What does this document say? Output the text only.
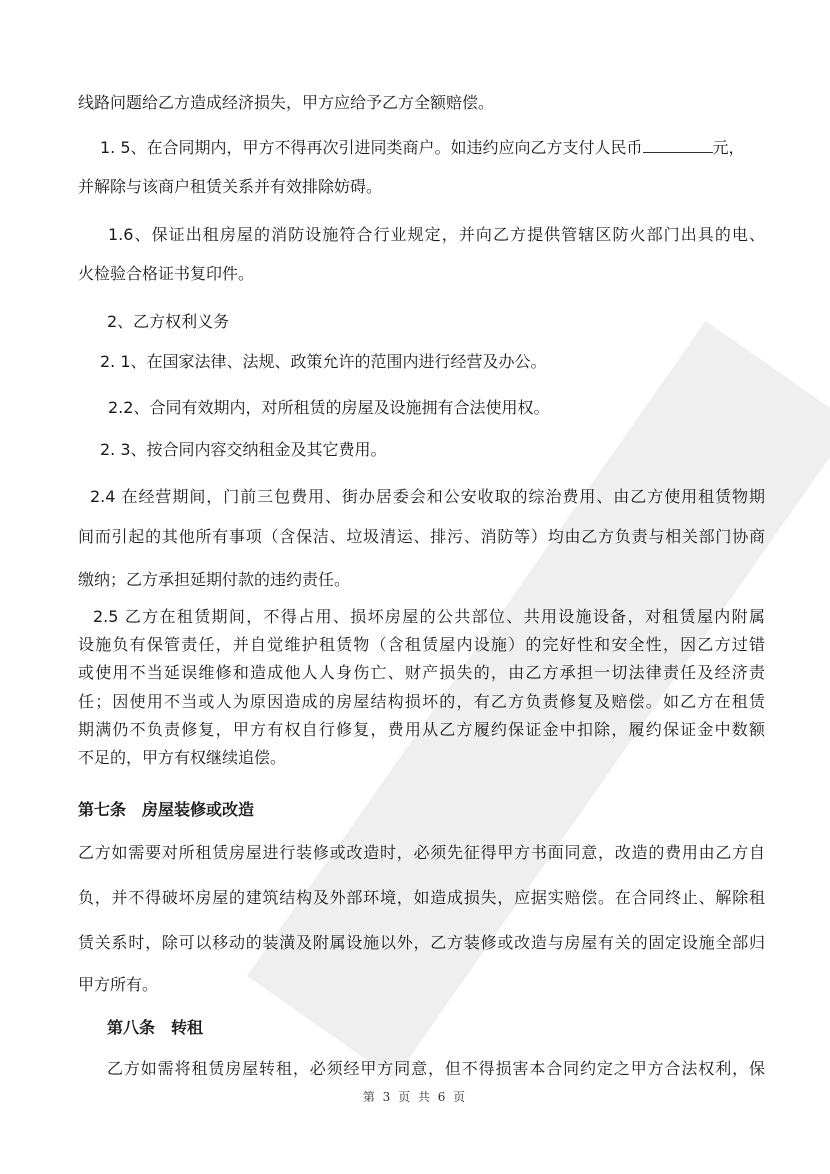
线路问题给乙方造成经济损失，甲方应给予乙方全额赔偿。
1. 5、在合同期内，甲方不得再次引进同类商户。如违约应向乙方支付人民币	元，
并解除与该商户租赁关系并有效排除妨碍。
1.6、保证出租房屋的消防设施符合行业规定，并向乙方提供管辖区防火部门出具的电、
火检验合格证书复印件。
2、乙方权利义务
2. 1、在国家法律、法规、政策允许的范围内进行经营及办公。
2.2、合同有效期内，对所租赁的房屋及设施拥有合法使用权。
2. 3、按合同内容交纳租金及其它费用。
2.4 在经营期间，门前三包费用、街办居委会和公安收取的综治费用、由乙方使用租赁物期
间而引起的其他所有事项（含保洁、垃圾清运、排污、消防等）均由乙方负责与相关部门协商
缴纳；乙方承担延期付款的违约责任。
2.5 乙方在租赁期间，不得占用、损坏房屋的公共部位、共用设施设备，对租赁屋内附属
设施负有保管责任，并自觉维护租赁物（含租赁屋内设施）的完好性和安全性，因乙方过错
或使用不当延误维修和造成他人人身伤亡、财产损失的，由乙方承担一切法律责任及经济责
任；因使用不当或人为原因造成的房屋结构损坏的，有乙方负责修复及赔偿。如乙方在租赁
期满仍不负责修复，甲方有权自行修复，费用从乙方履约保证金中扣除，履约保证金中数额
不足的，甲方有权继续追偿。
第七条　房屋装修或改造
乙方如需要对所租赁房屋进行装修或改造时，必须先征得甲方书面同意，改造的费用由乙方自
负，并不得破坏房屋的建筑结构及外部环境，如造成损失，应据实赔偿。在合同终止、解除租
赁关系时，除可以移动的装潢及附属设施以外，乙方装修或改造与房屋有关的固定设施全部归
甲方所有。
第八条　转租
乙方如需将租赁房屋转租，必须经甲方同意，但不得损害本合同约定之甲方合法权利，保
第 3 页 共 6 页
